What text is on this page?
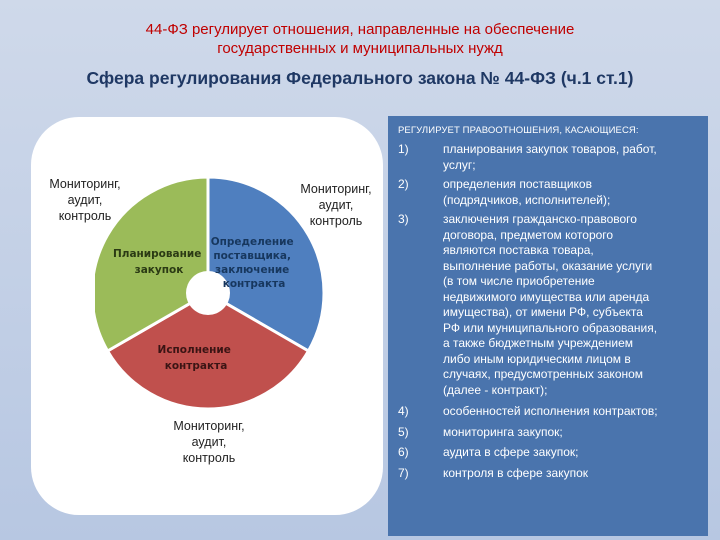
44-ФЗ регулирует отношения, направленные на обеспечение
государственных и муниципальных нужд
Сфера регулирования Федерального закона № 44-ФЗ (ч.1 ст.1)
Мониторинг,
аудит,
контроль
Мониторинг,
аудит,
контроль
Мониторинг,
аудит,
контроль
Определение поставщика, заключение контракта
Исполнение контракта
Планирование закупок
РЕГУЛИРУЕТ ПРАВООТНОШЕНИЯ, КАСАЮЩИЕСЯ:
1)	планирования закупок товаров, работ,
услуг;
2)	определения поставщиков
(подрядчиков, исполнителей);
3)	заключения гражданско-правового
договора, предметом которого
являются поставка товара,
выполнение работы, оказание услуги
(в том числе приобретение
недвижимого имущества или аренда
имущества), от имени РФ, субъекта
РФ или муниципального образования,
а также бюджетным учреждением
либо иным юридическим лицом в
случаях, предусмотренных законом
(далее - контракт);
4)	особенностей исполнения контрактов;
5)	мониторинга закупок;
6)	аудита в сфере закупок;
7)	контроля в сфере закупок
